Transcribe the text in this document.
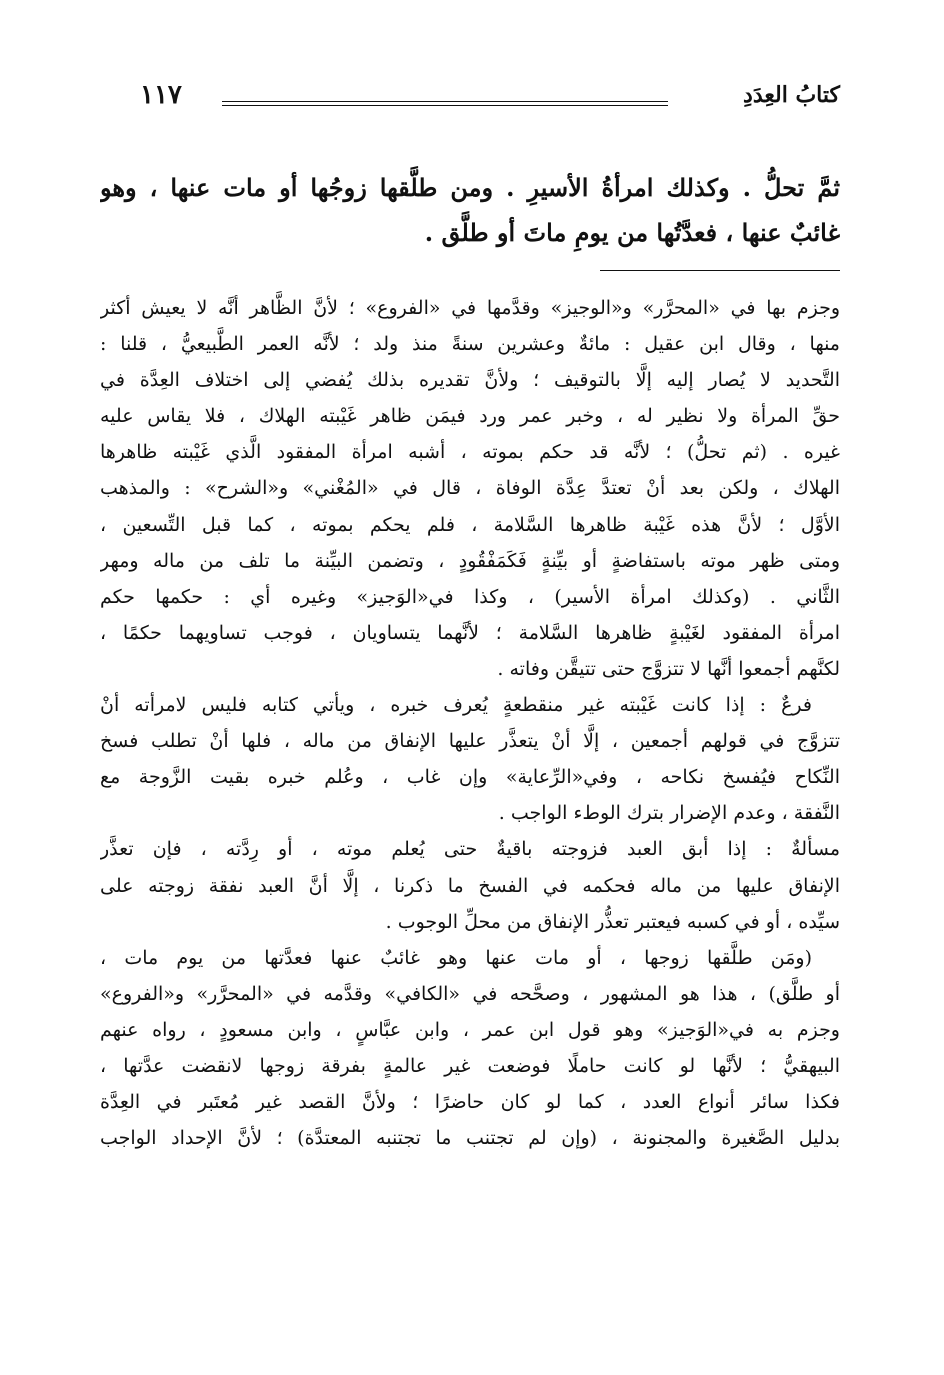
كتابُ العِدَدِ
١١٧
ثمَّ تحلُّ . وكذلك امرأةُ الأسيرِ . ومن طلَّقها زوجُها أو مات عنها ، وهو
غائبٌ عنها ، فعدَّتُها من يومِ ماتَ أو طلَّق .
وجزم بها في «المحرَّر» و«الوجيز» وقدَّمها في «الفروع» ؛ لأنَّ الظَّاهر أنَّه لا يعيش أكثر
منها ، وقال ابن عقيل : مائةٌ وعشرين سنةً منذ ولد ؛ لأنَّه العمر الطَّبيعيُّ ، قلنا :
التَّحديد لا يُصار إليه إلَّا بالتوقيف ؛ ولأنَّ تقديره بذلك يُفضي إلى اختلاف العِدَّة في
حقِّ المرأة ولا نظير له ، وخبر عمر ورد فيمَن ظاهر غَيْبته الهلاك ، فلا يقاس عليه
غيره . (ثم تحلُّ) ؛ لأنَّه قد حكم بموته ، أشبه امرأة المفقود الَّذي غَيْبته ظاهرها
الهلاك ، ولكن بعد أنْ تعتدَّ عِدَّة الوفاة ، قال في «المُغْني» و«الشرح» : والمذهب
الأوَّل ؛ لأنَّ هذه غَيْبة ظاهرها السَّلامة ، فلم يحكم بموته ، كما قبل التِّسعين ،
ومتى ظهر موته باستفاضةٍ أو بيِّنةٍ فَكَمَفْقُودٍ ، وتضمن البيِّنة ما تلف من ماله ومهر
الثَّاني . (وكذلك امرأة الأسير) ، وكذا في«الوَجيز» وغيره أي : حكمها حكم
امرأة المفقود لغَيْبةٍ ظاهرها السَّلامة ؛ لأنَّهما يتساويان ، فوجب تساويهما حكمًا ،
لكنَّهم أجمعوا أنَّها لا تتزوَّج حتى تتيقَّن وفاته .
فرعٌ : إذا كانت غَيْبته غير منقطعةٍ يُعرف خبره ، ويأتي كتابه فليس لامرأته أنْ
تتزوَّج في قولهم أجمعين ، إلَّا أنْ يتعذَّر عليها الإنفاق من ماله ، فلها أنْ تطلب فسخ
النِّكاح فيُفسخ نكاحه ، وفي«الرِّعاية» وإن غاب ، وعُلم خبره بقيت الزَّوجة مع
النَّفقة ، وعدم الإضرار بترك الوطء الواجب .
مسألةٌ : إذا أبق العبد فزوجته باقيةٌ حتى يُعلم موته ، أو رِدَّته ، فإن تعذَّر
الإنفاق عليها من ماله فحكمه في الفسخ ما ذكرنا ، إلَّا أنَّ العبد نفقة زوجته على
سيِّده ، أو في كسبه فيعتبر تعذُّر الإنفاق من محلِّ الوجوب .
(ومَن طلَّقها زوجها ، أو مات عنها وهو غائبٌ عنها فعدَّتها من يوم مات ،
أو طلَّق) ، هذا هو المشهور ، وصحَّحه في «الكافي» وقدَّمه في «المحرَّر» و«الفروع»
وجزم به في«الوَجيز» وهو قول ابن عمر ، وابن عبَّاسٍ ، وابن مسعودٍ ، رواه عنهم
البيهقيُّ ؛ لأنَّها لو كانت حاملًا فوضعت غير عالمةٍ بفرقة زوجها لانقضت عدَّتها ،
فكذا سائر أنواع العدد ، كما لو كان حاضرًا ؛ ولأنَّ القصد غير مُعتَبر في العِدَّة
بدليل الصَّغيرة والمجنونة ، (وإن لم تجتنب ما تجتنبه المعتدَّة) ؛ لأنَّ الإحداد الواجب
